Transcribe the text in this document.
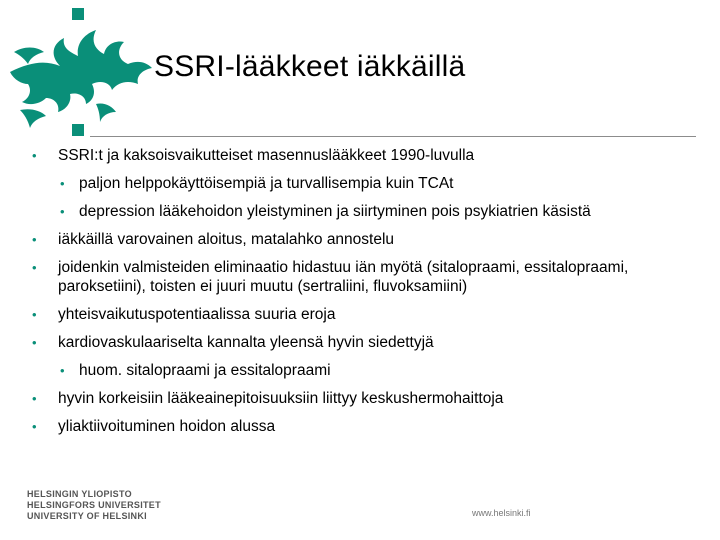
SSRI-lääkkeet iäkkäillä
• SSRI:t ja kaksoisvaikutteiset masennuslääkkeet 1990-luvulla
• paljon helppokäyttöisempiä ja turvallisempia kuin TCAt
• depression lääkehoidon yleistyminen ja siirtyminen pois psykiatrien käsistä
• iäkkäillä varovainen aloitus, matalahko annostelu
• joidenkin valmisteiden eliminaatio hidastuu iän myötä (sitalopraami, essitalopraami, paroksetiini), toisten ei juuri muutu (sertraliini, fluvoksamiini)
• yhteisvaikutuspotentiaalissa suuria eroja
• kardiovaskulaariselta kannalta yleensä hyvin siedettyjä
• huom. sitalopraami ja essitalopraami
• hyvin korkeisiin lääkeainepitoisuuksiin liittyy keskushermohaittoja
• yliaktiivoituminen hoidon alussa
HELSINGIN YLIOPISTO
HELSINGFORS UNIVERSITET
UNIVERSITY OF HELSINKI	www.helsinki.fi
